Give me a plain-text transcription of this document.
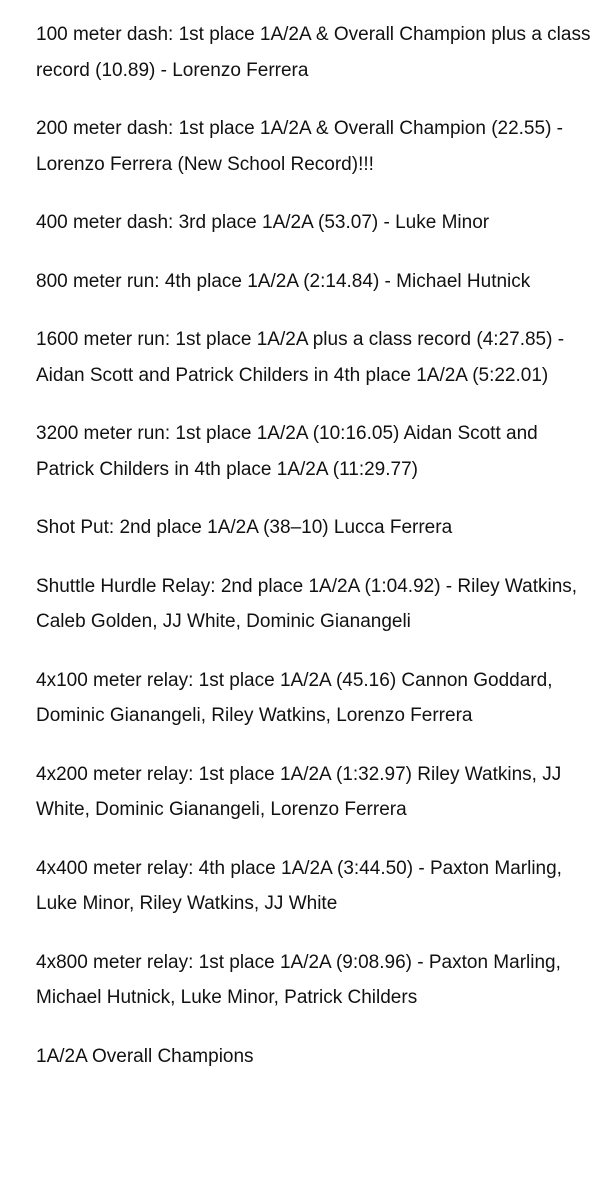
100 meter dash: 1st place 1A/2A & Overall Champion plus a class record (10.89) - Lorenzo Ferrera

200 meter dash: 1st place 1A/2A & Overall Champion (22.55) - Lorenzo Ferrera (New School Record)!!!

400 meter dash: 3rd place 1A/2A (53.07) - Luke Minor

800 meter run: 4th place 1A/2A (2:14.84) - Michael Hutnick

1600 meter run: 1st place 1A/2A plus a class record (4:27.85) - Aidan Scott and Patrick Childers in 4th place 1A/2A (5:22.01)

3200 meter run: 1st place 1A/2A (10:16.05) Aidan Scott and Patrick Childers in 4th place 1A/2A (11:29.77)

Shot Put: 2nd place 1A/2A (38–10) Lucca Ferrera

Shuttle Hurdle Relay: 2nd place 1A/2A (1:04.92) - Riley Watkins, Caleb Golden, JJ White, Dominic Gianangeli

4x100 meter relay: 1st place 1A/2A (45.16) Cannon Goddard, Dominic Gianangeli, Riley Watkins, Lorenzo Ferrera

4x200 meter relay: 1st place 1A/2A (1:32.97) Riley Watkins, JJ White, Dominic Gianangeli, Lorenzo Ferrera

4x400 meter relay: 4th place 1A/2A (3:44.50) - Paxton Marling, Luke Minor, Riley Watkins, JJ White

4x800 meter relay: 1st place 1A/2A (9:08.96) - Paxton Marling, Michael Hutnick, Luke Minor, Patrick Childers

1A/2A Overall Champions
